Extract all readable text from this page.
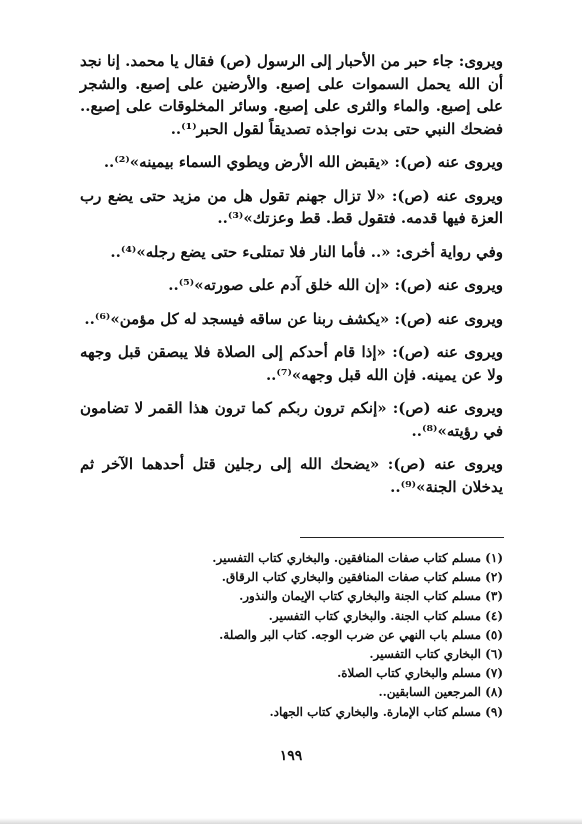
ويروى: جاء حبر من الأحبار إلى الرسول (ص) فقال يا محمد. إنا نجد أن الله يحمل السموات على إصبع. والأرضين على إصبع. والشجر على إصبع. والماء والثرى على إصبع. وسائر المخلوقات على إصبع.. فضحك النبي حتى بدت نواجذه تصديقاً لقول الحبر⁽¹⁾..

ويروى عنه (ص): «يقبض الله الأرض ويطوي السماء بيمينه»⁽²⁾..

ويروى عنه (ص): «لا تزال جهنم تقول هل من مزيد حتى يضع رب العزة فيها قدمه. فتقول قط. قط وعزتك»⁽³⁾..

وفي رواية أخرى: «.. فأما النار فلا تمتلىء حتى يضع رجله»⁽⁴⁾..

ويروى عنه (ص): «إن الله خلق آدم على صورته»⁽⁵⁾..

ويروى عنه (ص): «يكشف ربنا عن ساقه فيسجد له كل مؤمن»⁽⁶⁾..

ويروى عنه (ص): «إذا قام أحدكم إلى الصلاة فلا يبصقن قبل وجهه ولا عن يمينه. فإن الله قبل وجهه»⁽⁷⁾..

ويروى عنه (ص): «إنكم ترون ربكم كما ترون هذا القمر لا تضامون في رؤيته»⁽⁸⁾..

ويروى عنه (ص): «يضحك الله إلى رجلين قتل أحدهما الآخر ثم يدخلان الجنة»⁽⁹⁾..

(١) مسلم كتاب صفات المنافقين. والبخاري كتاب التفسير.
(٢) مسلم كتاب صفات المنافقين والبخاري كتاب الرقاق.
(٣) مسلم كتاب الجنة والبخاري كتاب الإيمان والنذور.
(٤) مسلم كتاب الجنة. والبخاري كتاب التفسير.
(٥) مسلم باب النهي عن ضرب الوجه. كتاب البر والصلة.
(٦) البخاري كتاب التفسير.
(٧) مسلم والبخاري كتاب الصلاة.
(٨) المرجعين السابقين..
(٩) مسلم كتاب الإمارة. والبخاري كتاب الجهاد.
١٩٩
